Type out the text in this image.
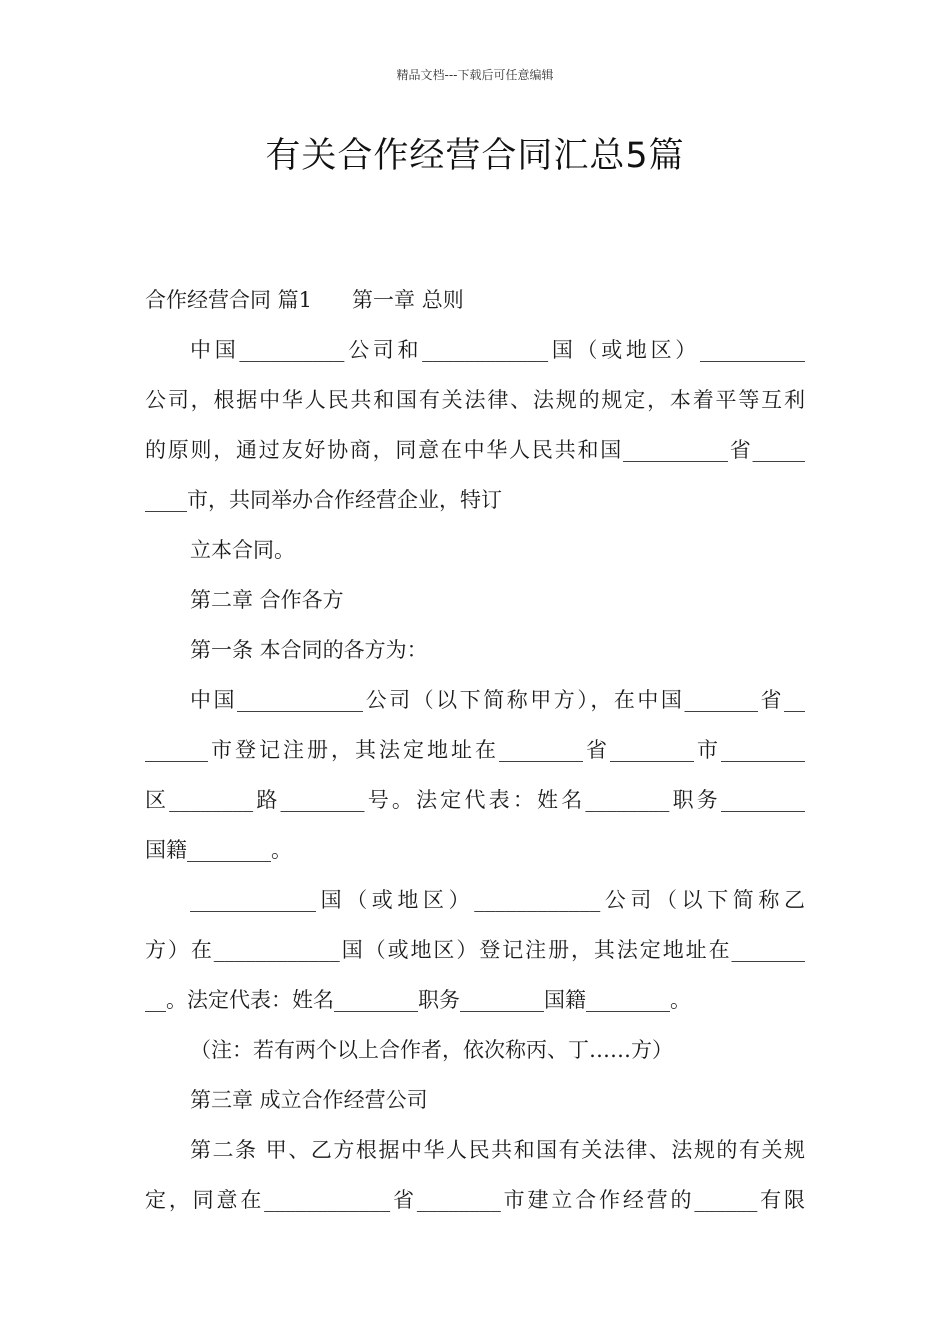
精品文档---下载后可任意编辑
有关合作经营合同汇总5篇
合作经营合同 篇1 第一章 总则
中国__________公司和____________国（或地区）__________
公司，根据中华人民共和国有关法律、法规的规定，本着平等互利
的原则，通过友好协商，同意在中华人民共和国__________省_____
____市，共同举办合作经营企业，特订
立本合同。
第二章 合作各方
第一条 本合同的各方为：
中国____________公司（以下简称甲方），在中国_______省__
______市登记注册，其法定地址在________省________市________
区________路________号。法定代表：姓名________职务________
国籍________。
____________国（或地区）____________公司（以下简称乙
方）在____________国（或地区）登记注册，其法定地址在_______
__。法定代表：姓名________职务________国籍________。
（注：若有两个以上合作者，依次称丙、丁……方）
第三章 成立合作经营公司
第二条 甲、乙方根据中华人民共和国有关法律、法规的有关规
定，同意在____________省________市建立合作经营的______有限
